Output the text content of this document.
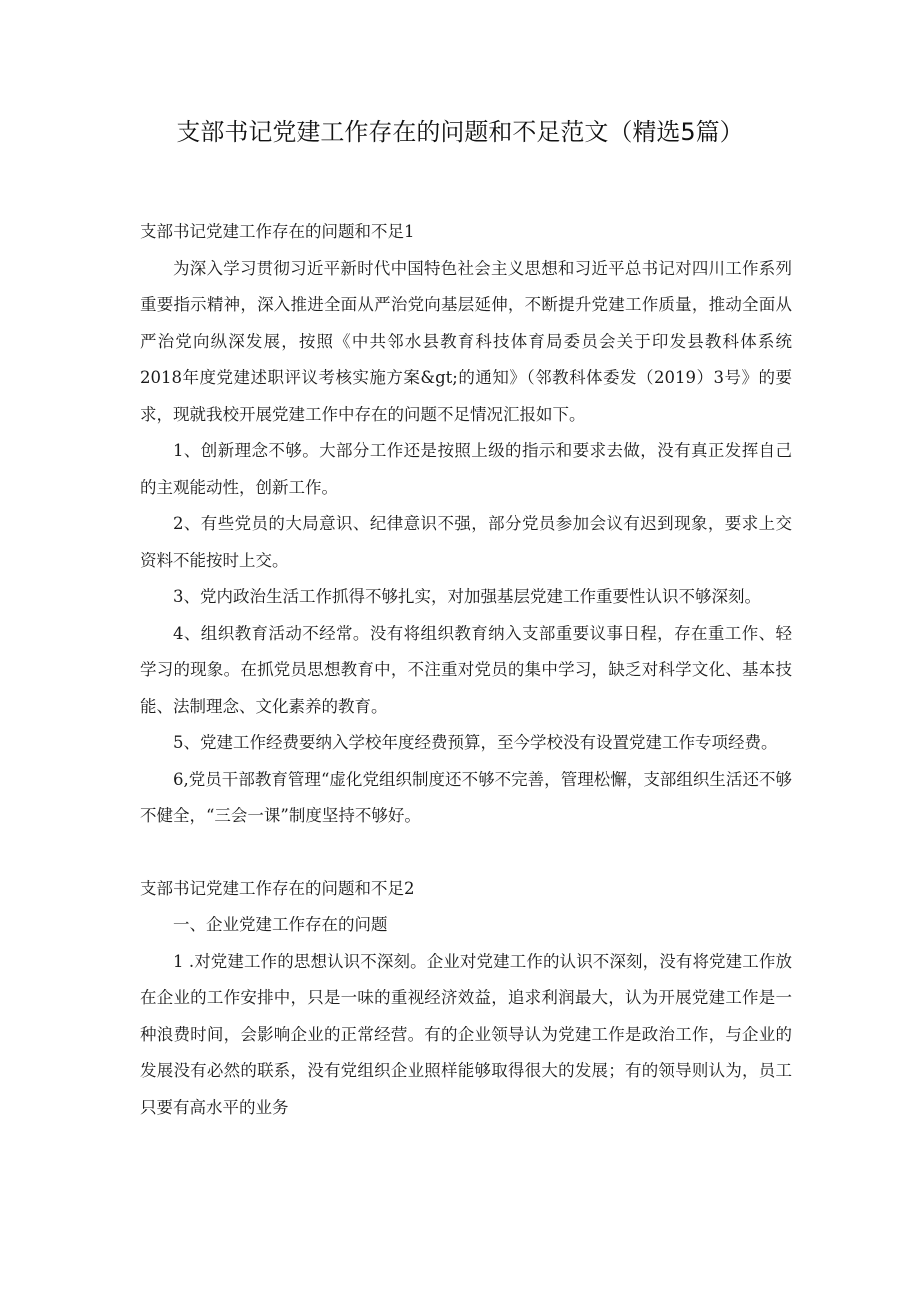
支部书记党建工作存在的问题和不足范文（精选5篇）

支部书记党建工作存在的问题和不足1

为深入学习贯彻习近平新时代中国特色社会主义思想和习近平总书记对四川工作系列重要指示精神，深入推进全面从严治党向基层延伸，不断提升党建工作质量，推动全面从严治党向纵深发展，按照《中共邻水县教育科技体育局委员会关于印发县教科体系统2018年度党建述职评议考核实施方案&gt;的通知》（邻教科体委发（2019）3号》的要求，现就我校开展党建工作中存在的问题不足情况汇报如下。

1、创新理念不够。大部分工作还是按照上级的指示和要求去做，没有真正发挥自己的主观能动性，创新工作。

2、有些党员的大局意识、纪律意识不强，部分党员参加会议有迟到现象，要求上交资料不能按时上交。

3、党内政治生活工作抓得不够扎实，对加强基层党建工作重要性认识不够深刻。

4、组织教育活动不经常。没有将组织教育纳入支部重要议事日程，存在重工作、轻学习的现象。在抓党员思想教育中，不注重对党员的集中学习，缺乏对科学文化、基本技能、法制理念、文化素养的教育。

5、党建工作经费要纳入学校年度经费预算，至今学校没有设置党建工作专项经费。

6,党员干部教育管理“虚化党组织制度还不够不完善，管理松懈，支部组织生活还不够不健全，“三会一课”制度坚持不够好。

支部书记党建工作存在的问题和不足2

一、企业党建工作存在的问题

1 .对党建工作的思想认识不深刻。企业对党建工作的认识不深刻，没有将党建工作放在企业的工作安排中，只是一味的重视经济效益，追求利润最大，认为开展党建工作是一种浪费时间，会影响企业的正常经营。有的企业领导认为党建工作是政治工作，与企业的发展没有必然的联系，没有党组织企业照样能够取得很大的发展；有的领导则认为，员工只要有高水平的业务
